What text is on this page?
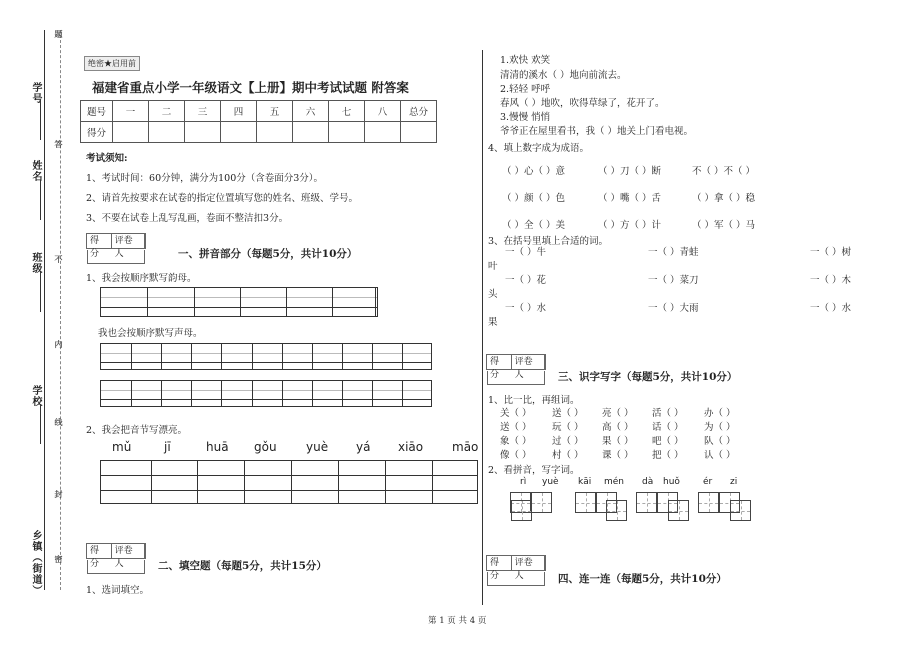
学号
姓名
班级
学校
乡镇（街道）
题
答
不
内
线
封
密
绝密★启用前
福建省重点小学一年级语文【上册】期中考试试题 附答案
题号	一	二	三	四	五	六	七	八	总分
得分									
考试须知:
1、考试时间：60分钟，满分为100分（含卷面分3分）。
2、请首先按要求在试卷的指定位置填写您的姓名、班级、学号。
3、不要在试卷上乱写乱画，卷面不整洁扣3分。
得分
评卷人	一、拼音部分（每题5分，共计10分）
1、我会按顺序默写韵母。
我也会按顺序默写声母。
2、我会把音节写漂亮。
mǔ	jī	huā gǒu yuè yá xiāo māo
得分
评卷人	二、填空题（每题5分，共计15分）
1、选词填空。
1.欢快 欢笑
清清的溪水（ ）地向前流去。
2.轻轻 呼呼
春风（ ）地吹，吹得草绿了，花开了。
3.慢慢 悄悄
爷爷正在屋里看书，我（ ）地关上门看电视。
4、填上数字成为成语。
（ ）心（ ）意	（ ）刀（ ）断	不（ ）不（ ）
（ ）颜（ ）色	（ ）嘴（ ）舌	（ ）拿（ ）稳
（ ）全（ ）美	（ ）方（ ）计	（ ）军（ ）马
3、在括号里填上合适的词。
一（ ）牛	一（ ）青蛙	一（ ）树
叶
一（ ）花	一（ ）菜刀	一（ ）木
头
一（ ）水	一（ ）大雨	一（ ）水
果
得分
评卷人	三、识字写字（每题5分，共计10分）
1、比一比，再组词。
关（ ） 送（ ） 亮（ ） 活（ ） 办（ ）
送（ ） 玩（ ） 高（ ） 话（ ） 为（ ）
象（ ） 过（ ） 果（ ） 吧（ ） 队（ ）
像（ ） 村（ ） 课（ ） 把（ ） 认（ ）
2、看拼音，写字词。
rì yuè kāi mén dà huǒ	ér zi
得分
评卷人	四、连一连（每题5分，共计10分）
第 1 页 共 4 页
